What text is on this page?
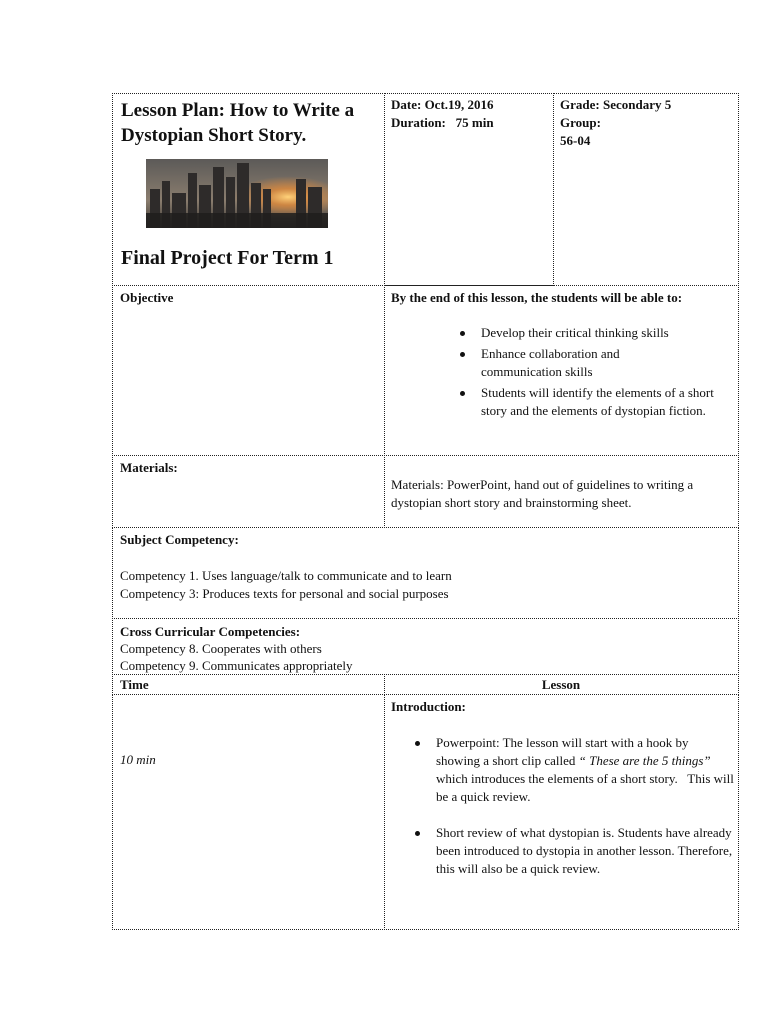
Lesson Plan: How to Write a Dystopian Short Story.
Final Project For Term 1
Date: Oct.19, 2016
Duration:   75 min
Grade: Secondary 5
Group:
56-04
Objective	By the end of this lesson, the students will be able to:
Develop their critical thinking skills
Enhance collaboration and communication skills
Students will identify the elements of a short story and the elements of dystopian fiction.
Materials:
Materials: PowerPoint, hand out of guidelines to writing a dystopian short story and brainstorming sheet.
Subject Competency:
Competency 1. Uses language/talk to communicate and to learn
Competency 3: Produces texts for personal and social purposes
Cross Curricular Competencies:
Competency 8. Cooperates with others
Competency 9. Communicates appropriately
Time	Lesson
10 min
Introduction:
Powerpoint: The lesson will start with a hook by showing a short clip called “ These are the 5 things” which introduces the elements of a short story.   This will be a quick review.
Short review of what dystopian is. Students have already been introduced to dystopia in another lesson. Therefore, this will also be a quick review.
